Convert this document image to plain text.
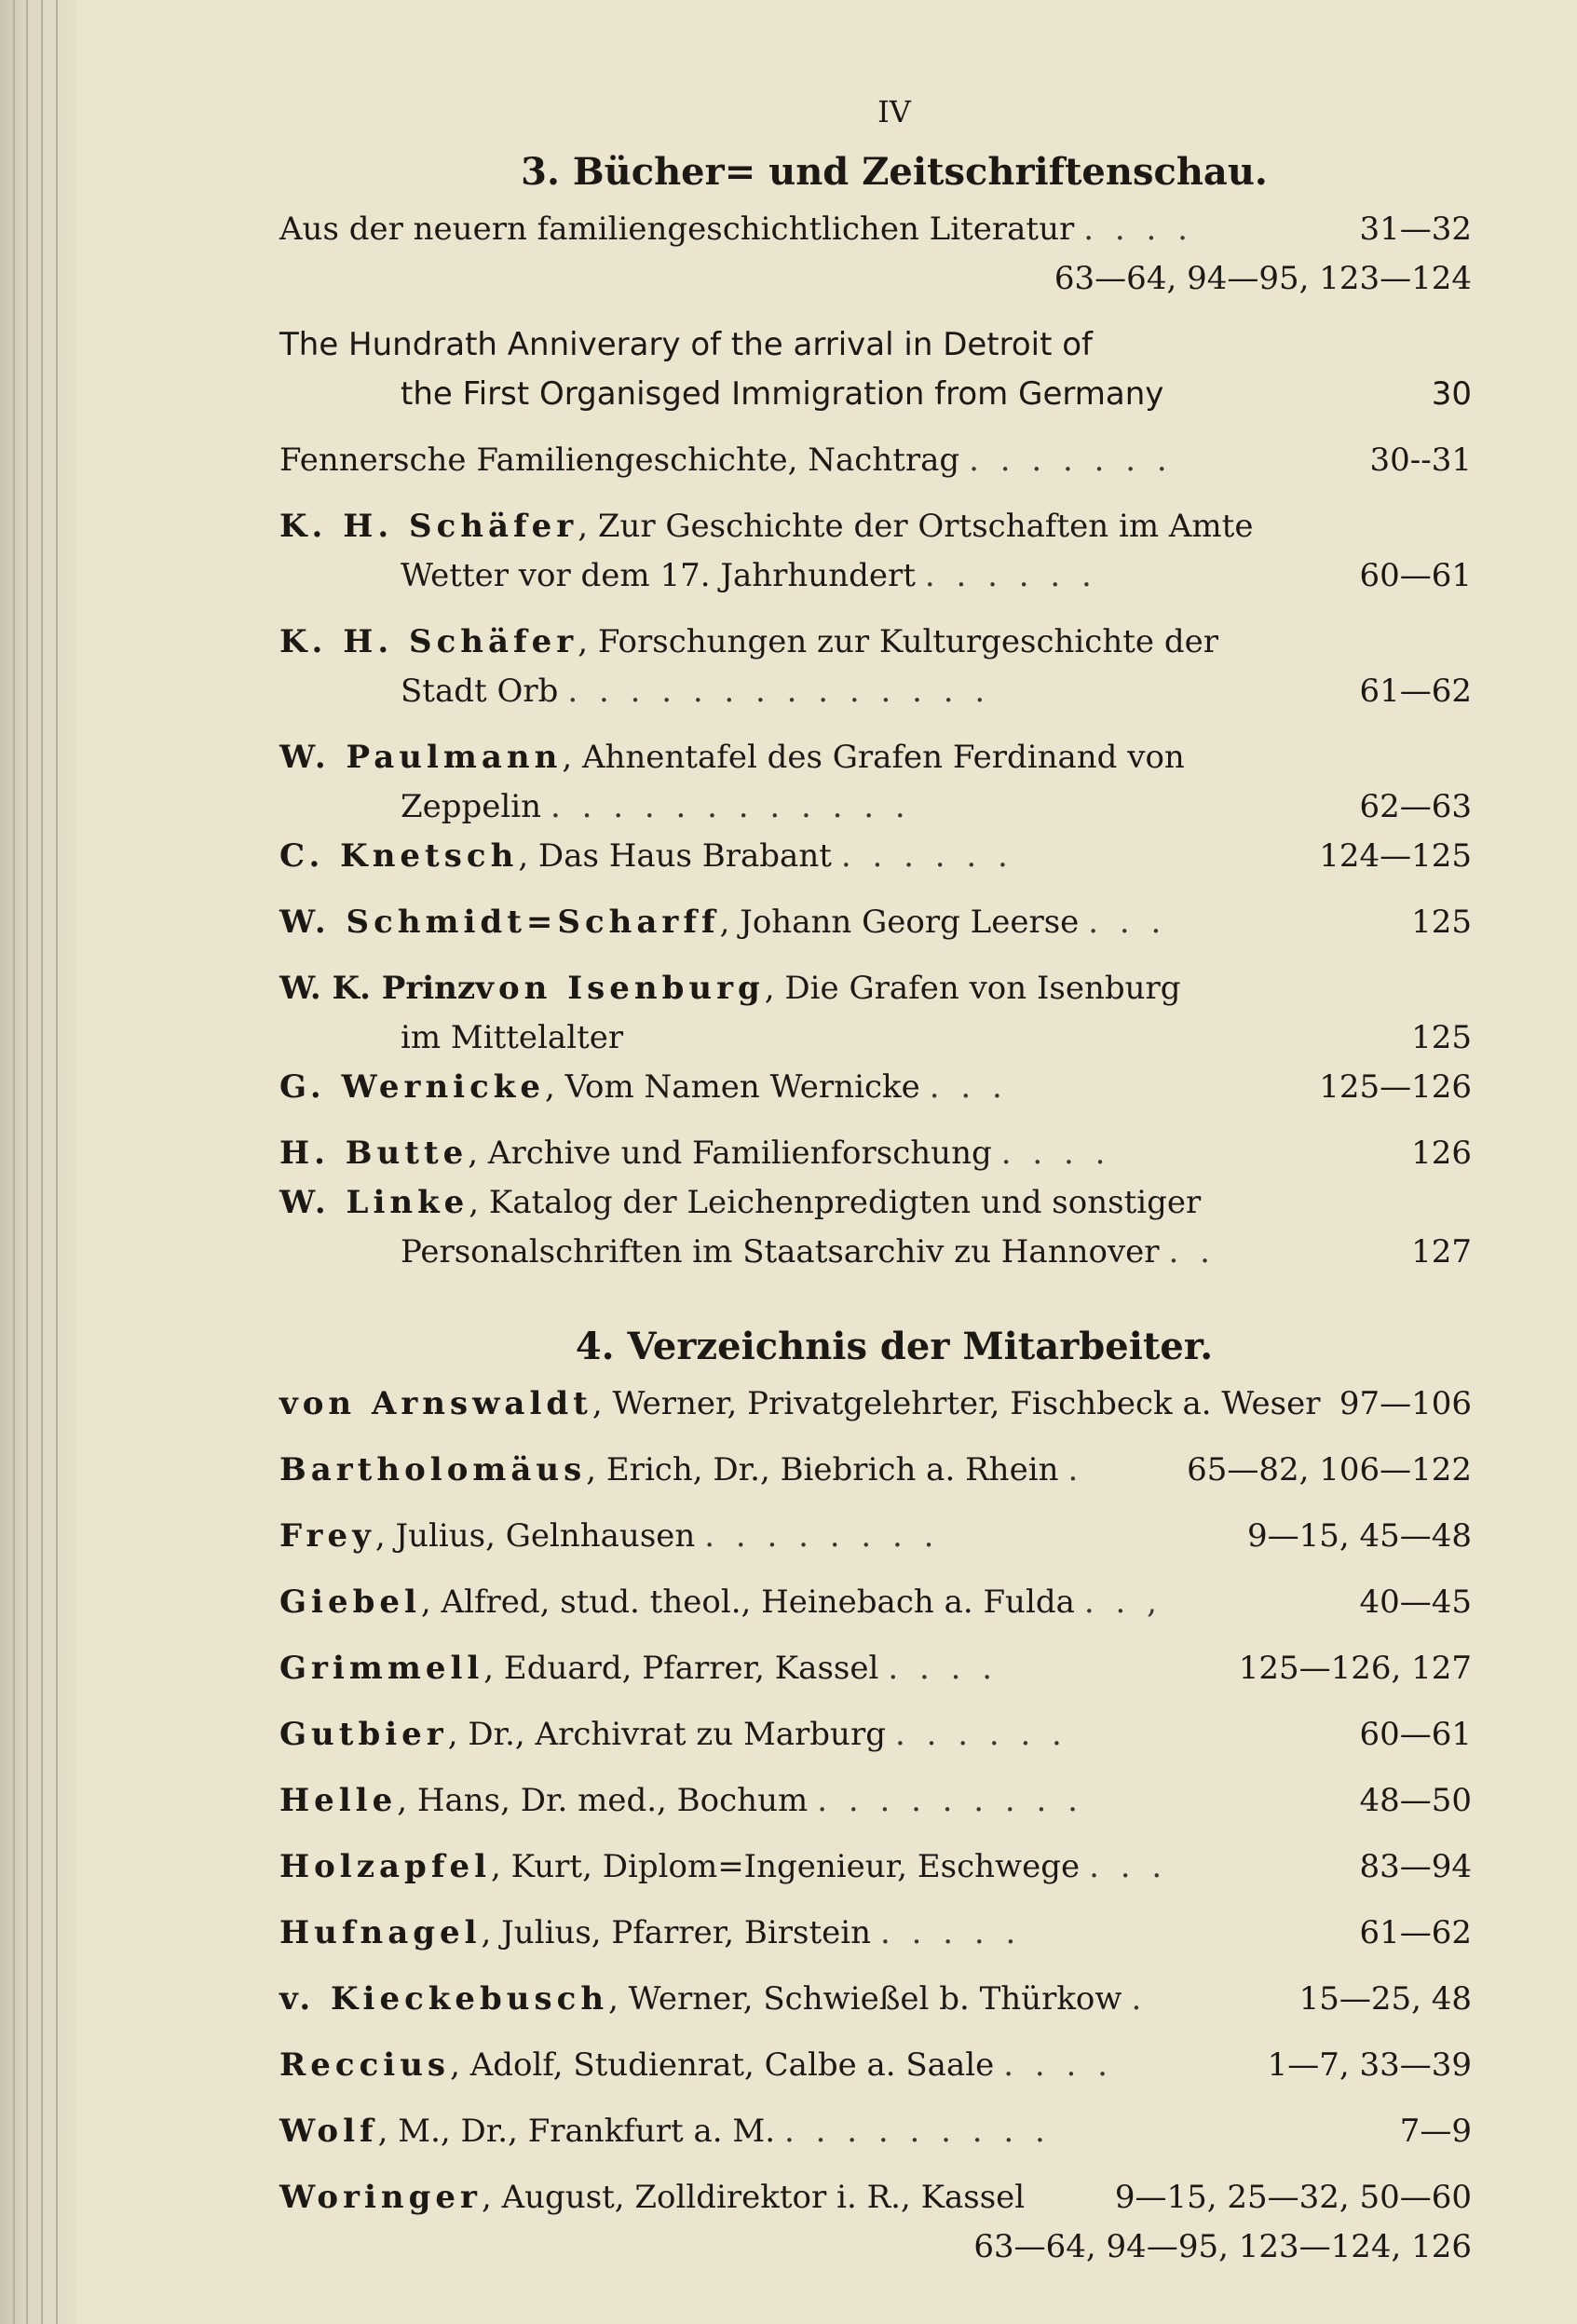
IV
3. Bücher= und Zeitschriftenschau.
Aus der neuern familiengeschichtlichen Literatur . . . .	31—32
63—64, 94—95, 123—124
The Hundrath Anniverary of the arrival in Detroit of
the First Organisged Immigration from Germany	30
Fennersche Familiengeschichte, Nachtrag . . . . . . .	30--31
K. H. Schäfer , Zur Geschichte der Ortschaften im Amte
Wetter vor dem 17. Jahrhundert . . . . . .	60—61
K. H. Schäfer , Forschungen zur Kulturgeschichte der
Stadt Orb . . . . . . . . . . . . . .	61—62
W. Paulmann , Ahnentafel des Grafen Ferdinand von
Zeppelin . . . . . . . . . . . .	62—63
C. Knetsch , Das Haus Brabant . . . . . .	124—125
W. Schmidt=Scharff , Johann Georg Leerse . . .	125
W. K. Prinz von Isenburg , Die Grafen von Isenburg
im Mittelalter	125
G. Wernicke , Vom Namen Wernicke . . .	125—126
H. Butte , Archive und Familienforschung . . . .	126
W. Linke , Katalog der Leichenpredigten und sonstiger
Personalschriften im Staatsarchiv zu Hannover . .	127
4. Verzeichnis der Mitarbeiter.
von Arnswaldt , Werner, Privatgelehrter, Fischbeck a. Weser 97—106
Bartholomäus , Erich, Dr., Biebrich a. Rhein .	65—82, 106—122
Frey , Julius, Gelnhausen . . . . . . . .	9—15, 45—48
Giebel , Alfred, stud. theol., Heinebach a. Fulda . . ,	40—45
Grimmell , Eduard, Pfarrer, Kassel . . . .	125—126, 127
Gutbier , Dr., Archivrat zu Marburg . . . . . .	60—61
Helle , Hans, Dr. med., Bochum . . . . . . . . .	48—50
Holzapfel , Kurt, Diplom=Ingenieur, Eschwege . . .	83—94
Hufnagel , Julius, Pfarrer, Birstein . . . . .	61—62
v. Kieckebusch , Werner, Schwießel b. Thürkow .	15—25, 48
Reccius , Adolf, Studienrat, Calbe a. Saale . . . .	1—7, 33—39
Wolf , M., Dr., Frankfurt a. M. . . . . . . . . .	7—9
Woringer , August, Zolldirektor i. R., Kassel	9—15, 25—32, 50—60
63—64, 94—95, 123—124, 126
